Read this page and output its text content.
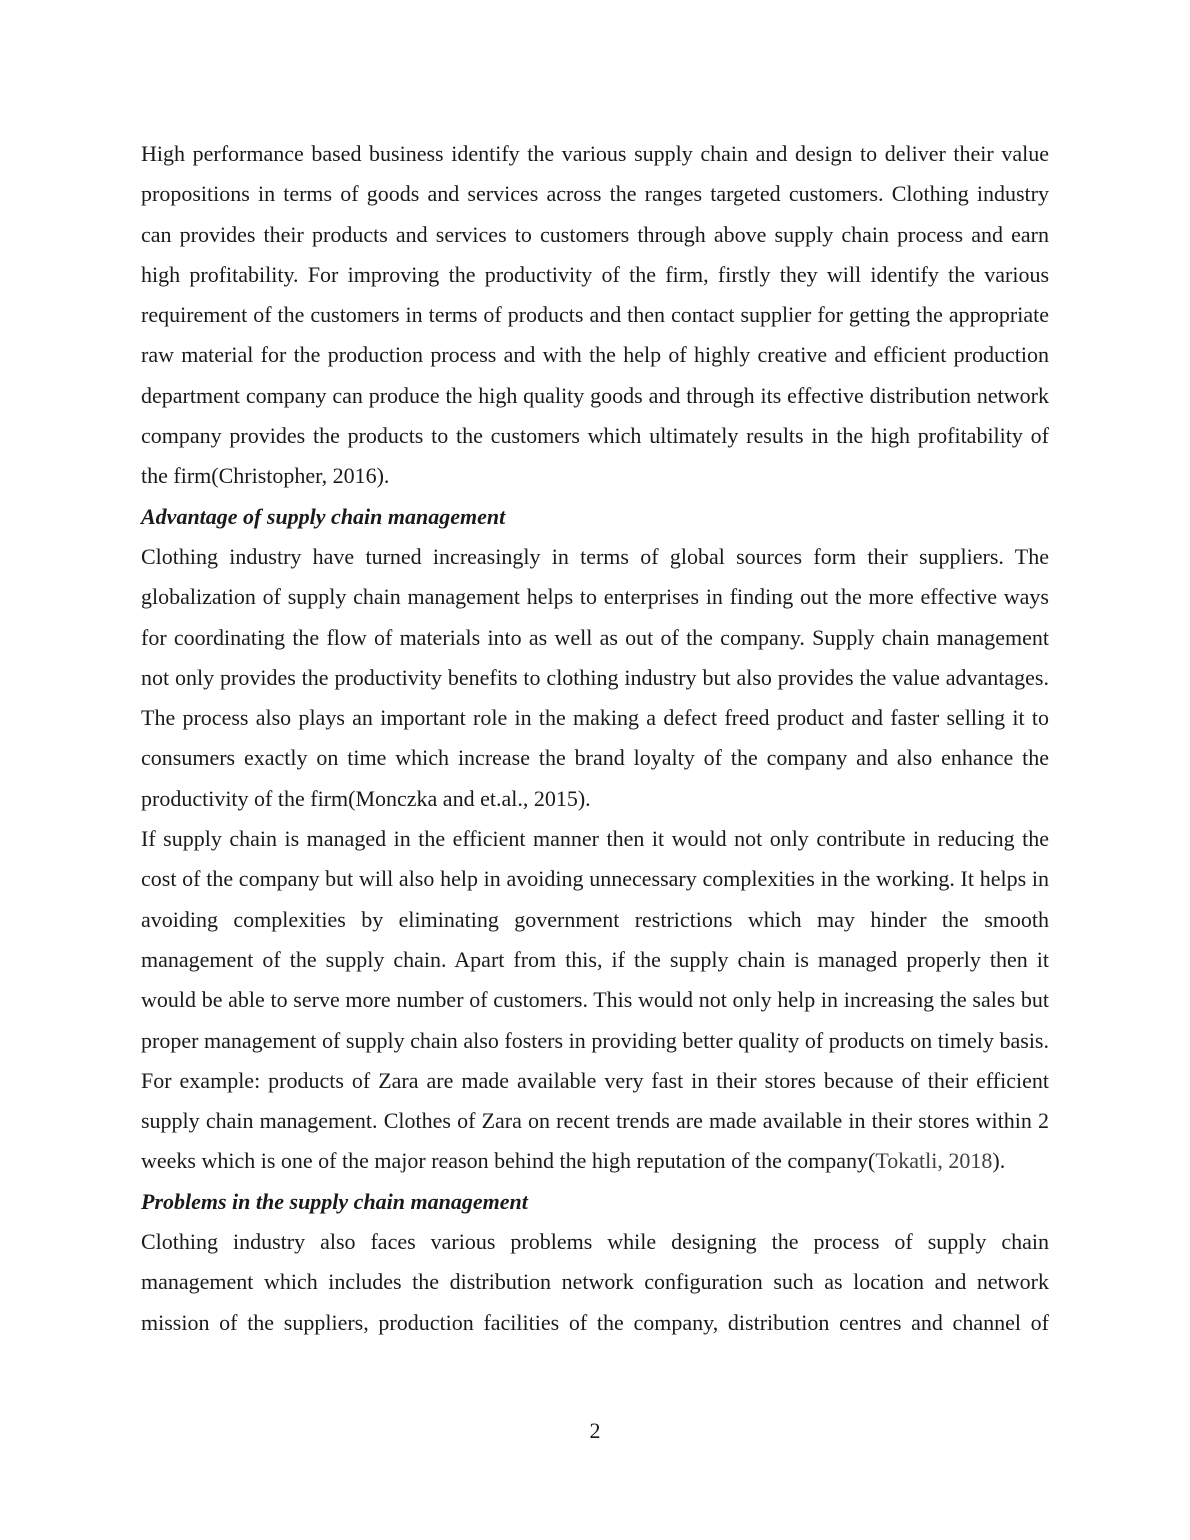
High performance based business identify the various supply chain and design to deliver their value propositions in terms of goods and services across the ranges targeted customers. Clothing industry can provides their products and services to customers through above supply chain process and earn high profitability. For improving the productivity of the firm, firstly they will identify the various requirement of the customers in terms of products and then contact supplier for getting the appropriate raw material for the production process and with the help of highly creative and efficient production department company can produce the high quality goods and through its effective distribution network company provides the products to the customers which ultimately results in the high profitability of the firm(Christopher, 2016).

Advantage of supply chain management

Clothing industry have turned increasingly in terms of global sources form their suppliers. The globalization of supply chain management helps to enterprises in finding out the more effective ways for coordinating the flow of materials into as well as out of the company. Supply chain management not only provides the productivity benefits to clothing industry but also provides the value advantages. The process also plays an important role in the making a defect freed product and faster selling it to consumers exactly on time which increase the brand loyalty of the company and also enhance the productivity of the firm(Monczka and et.al., 2015).

If supply chain is managed in the efficient manner then it would not only contribute in reducing the cost of the company but will also help in avoiding unnecessary complexities in the working. It helps in avoiding complexities by eliminating government restrictions which may hinder the smooth management of the supply chain. Apart from this, if the supply chain is managed properly then it would be able to serve more number of customers. This would not only help in increasing the sales but proper management of supply chain also fosters in providing better quality of products on timely basis. For example: products of Zara are made available very fast in their stores because of their efficient supply chain management. Clothes of Zara on recent trends are made available in their stores within 2 weeks which is one of the major reason behind the high reputation of the company(Tokatli, 2018).

Problems in the supply chain management

Clothing industry also faces various problems while designing the process of supply chain management which includes the distribution network configuration such as location and network mission of the suppliers, production facilities of the company, distribution centres and channel of

2
